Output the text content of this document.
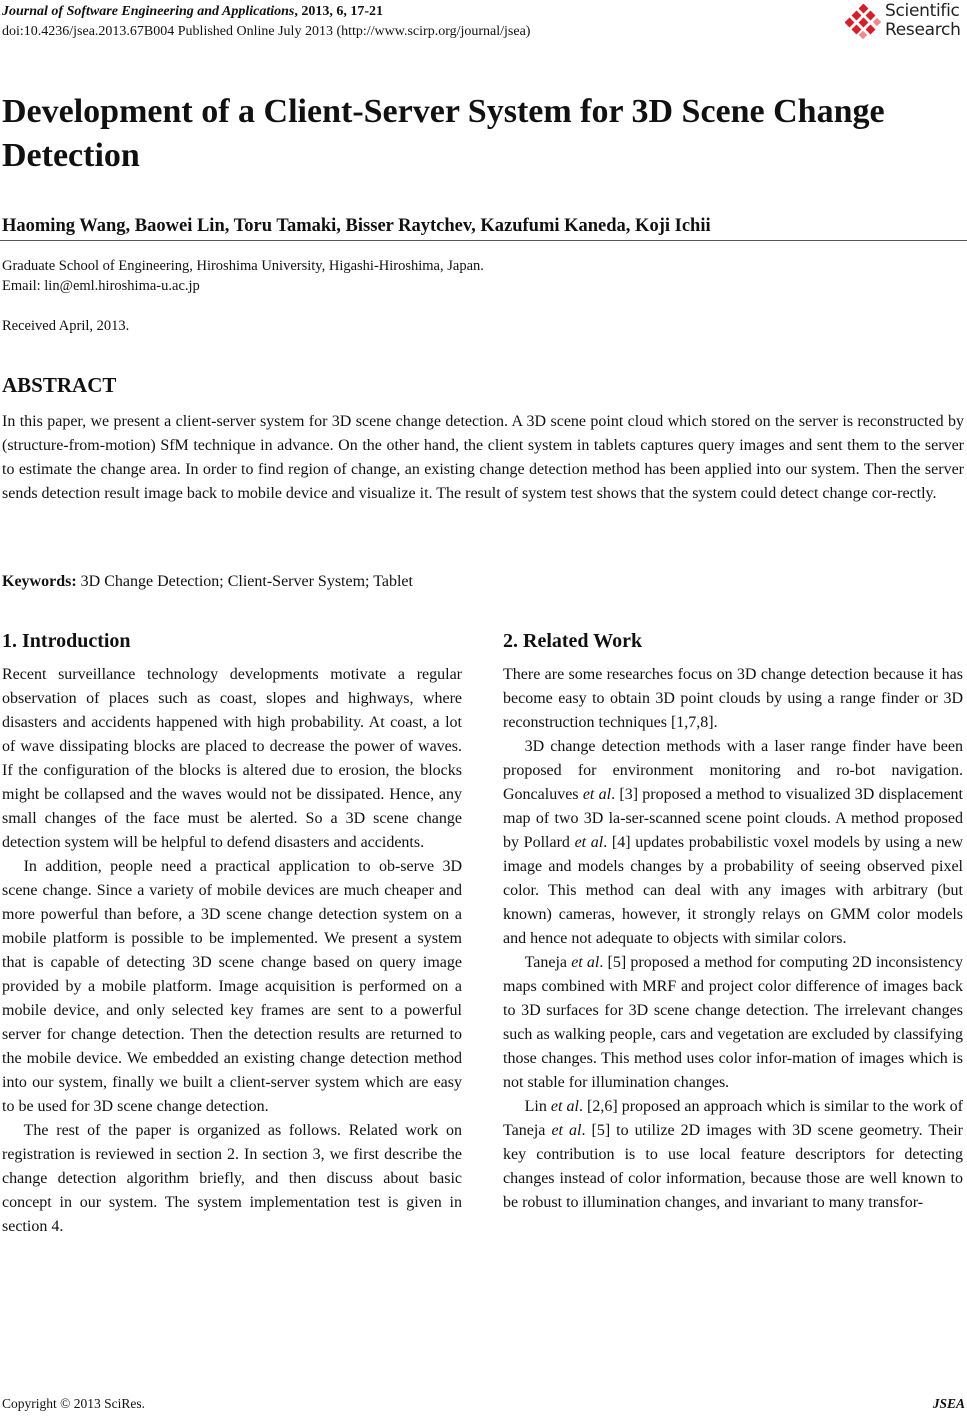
Journal of Software Engineering and Applications, 2013, 6, 17-21
doi:10.4236/jsea.2013.67B004 Published Online July 2013 (http://www.scirp.org/journal/jsea)
Scientific
Research
Development of a Client-Server System for 3D Scene Change Detection
Haoming Wang, Baowei Lin, Toru Tamaki, Bisser Raytchev, Kazufumi Kaneda, Koji Ichii
Graduate School of Engineering, Hiroshima University, Higashi-Hiroshima, Japan.
Email: lin@eml.hiroshima-u.ac.jp
Received April, 2013.
ABSTRACT
In this paper, we present a client-server system for 3D scene change detection. A 3D scene point cloud which stored on the server is reconstructed by (structure-from-motion) SfM technique in advance. On the other hand, the client system in tablets captures query images and sent them to the server to estimate the change area. In order to find region of change, an existing change detection method has been applied into our system. Then the server sends detection result image back to mobile device and visualize it. The result of system test shows that the system could detect change cor-rectly.
Keywords: 3D Change Detection; Client-Server System; Tablet
1. Introduction

Recent surveillance technology developments motivate a regular observation of places such as coast, slopes and highways, where disasters and accidents happened with high probability. At coast, a lot of wave dissipating blocks are placed to decrease the power of waves. If the configuration of the blocks is altered due to erosion, the blocks might be collapsed and the waves would not be dissipated. Hence, any small changes of the face must be alerted. So a 3D scene change detection system will be helpful to defend disasters and accidents.

In addition, people need a practical application to ob-serve 3D scene change. Since a variety of mobile devices are much cheaper and more powerful than before, a 3D scene change detection system on a mobile platform is possible to be implemented. We present a system that is capable of detecting 3D scene change based on query image provided by a mobile platform. Image acquisition is performed on a mobile device, and only selected key frames are sent to a powerful server for change detection. Then the detection results are returned to the mobile device. We embedded an existing change detection method into our system, finally we built a client-server system which are easy to be used for 3D scene change detection.

The rest of the paper is organized as follows. Related work on registration is reviewed in section 2. In section 3, we first describe the change detection algorithm briefly, and then discuss about basic concept in our system. The system implementation test is given in section 4.

2. Related Work

There are some researches focus on 3D change detection because it has become easy to obtain 3D point clouds by using a range finder or 3D reconstruction techniques [1,7,8].

3D change detection methods with a laser range finder have been proposed for environment monitoring and ro-bot navigation. Goncaluves et al. [3] proposed a method to visualized 3D displacement map of two 3D la-ser-scanned scene point clouds. A method proposed by Pollard et al. [4] updates probabilistic voxel models by using a new image and models changes by a probability of seeing observed pixel color. This method can deal with any images with arbitrary (but known) cameras, however, it strongly relays on GMM color models and hence not adequate to objects with similar colors.

Taneja et al. [5] proposed a method for computing 2D inconsistency maps combined with MRF and project color difference of images back to 3D surfaces for 3D scene change detection. The irrelevant changes such as walking people, cars and vegetation are excluded by classifying those changes. This method uses color infor-mation of images which is not stable for illumination changes.

Lin et al. [2,6] proposed an approach which is similar to the work of Taneja et al. [5] to utilize 2D images with 3D scene geometry. Their key contribution is to use local feature descriptors for detecting changes instead of color information, because those are well known to be robust to illumination changes, and invariant to many transfor-

Copyright © 2013 SciRes.	JSEA
